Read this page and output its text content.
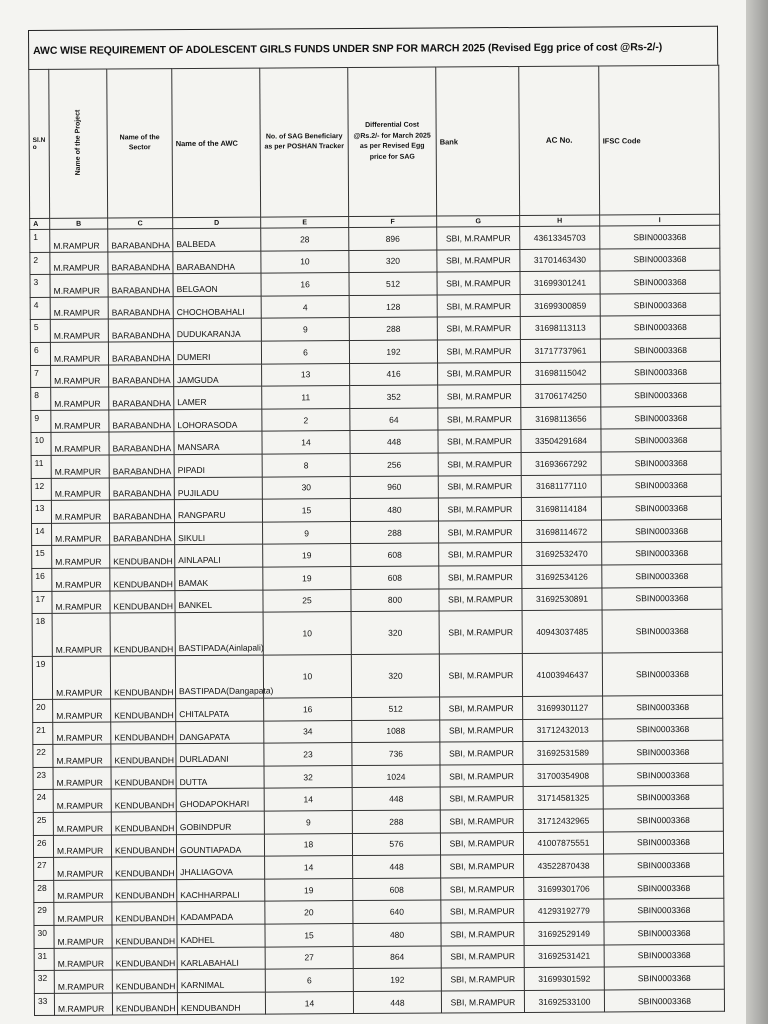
AWC WISE REQUIREMENT OF ADOLESCENT GIRLS FUNDS UNDER SNP FOR MARCH 2025 (Revised Egg price of cost @Rs-2/-)
Sl.N o	Name of the Project	Name of the Sector	Name of the AWC	No. of SAG Beneficiary as per POSHAN Tracker	Differential Cost @Rs.2/- for March 2025 as per Revised Egg price for SAG	Bank	AC No.	IFSC Code
A	B	C	D	E	F	G	H	I
1	M.RAMPUR	BARABANDHA	BALBEDA	28	896	SBI, M.RAMPUR	43613345703	SBIN0003368
2	M.RAMPUR	BARABANDHA	BARABANDHA	10	320	SBI, M.RAMPUR	31701463430	SBIN0003368
3	M.RAMPUR	BARABANDHA	BELGAON	16	512	SBI, M.RAMPUR	31699301241	SBIN0003368
4	M.RAMPUR	BARABANDHA	CHOCHOBAHALI	4	128	SBI, M.RAMPUR	31699300859	SBIN0003368
5	M.RAMPUR	BARABANDHA	DUDUKARANJA	9	288	SBI, M.RAMPUR	31698113113	SBIN0003368
6	M.RAMPUR	BARABANDHA	DUMERI	6	192	SBI, M.RAMPUR	31717737961	SBIN0003368
7	M.RAMPUR	BARABANDHA	JAMGUDA	13	416	SBI, M.RAMPUR	31698115042	SBIN0003368
8	M.RAMPUR	BARABANDHA	LAMER	11	352	SBI, M.RAMPUR	31706174250	SBIN0003368
9	M.RAMPUR	BARABANDHA	LOHORASODA	2	64	SBI, M.RAMPUR	31698113656	SBIN0003368
10	M.RAMPUR	BARABANDHA	MANSARA	14	448	SBI, M.RAMPUR	33504291684	SBIN0003368
11	M.RAMPUR	BARABANDHA	PIPADI	8	256	SBI, M.RAMPUR	31693667292	SBIN0003368
12	M.RAMPUR	BARABANDHA	PUJILADU	30	960	SBI, M.RAMPUR	31681177110	SBIN0003368
13	M.RAMPUR	BARABANDHA	RANGPARU	15	480	SBI, M.RAMPUR	31698114184	SBIN0003368
14	M.RAMPUR	BARABANDHA	SIKULI	9	288	SBI, M.RAMPUR	31698114672	SBIN0003368
15	M.RAMPUR	KENDUBANDH	AINLAPALI	19	608	SBI, M.RAMPUR	31692532470	SBIN0003368
16	M.RAMPUR	KENDUBANDH	BAMAK	19	608	SBI, M.RAMPUR	31692534126	SBIN0003368
17	M.RAMPUR	KENDUBANDH	BANKEL	25	800	SBI, M.RAMPUR	31692530891	SBIN0003368
18	M.RAMPUR	KENDUBANDH	BASTIPADA(Ainlapali)	10	320	SBI, M.RAMPUR	40943037485	SBIN0003368
19	M.RAMPUR	KENDUBANDH	BASTIPADA(Dangapata)	10	320	SBI, M.RAMPUR	41003946437	SBIN0003368
20	M.RAMPUR	KENDUBANDH	CHITALPATA	16	512	SBI, M.RAMPUR	31699301127	SBIN0003368
21	M.RAMPUR	KENDUBANDH	DANGAPATA	34	1088	SBI, M.RAMPUR	31712432013	SBIN0003368
22	M.RAMPUR	KENDUBANDH	DURLADANI	23	736	SBI, M.RAMPUR	31692531589	SBIN0003368
23	M.RAMPUR	KENDUBANDH	DUTTA	32	1024	SBI, M.RAMPUR	31700354908	SBIN0003368
24	M.RAMPUR	KENDUBANDH	GHODAPOKHARI	14	448	SBI, M.RAMPUR	31714581325	SBIN0003368
25	M.RAMPUR	KENDUBANDH	GOBINDPUR	9	288	SBI, M.RAMPUR	31712432965	SBIN0003368
26	M.RAMPUR	KENDUBANDH	GOUNTIAPADA	18	576	SBI, M.RAMPUR	41007875551	SBIN0003368
27	M.RAMPUR	KENDUBANDH	JHALIAGOVA	14	448	SBI, M.RAMPUR	43522870438	SBIN0003368
28	M.RAMPUR	KENDUBANDH	KACHHARPALI	19	608	SBI, M.RAMPUR	31699301706	SBIN0003368
29	M.RAMPUR	KENDUBANDH	KADAMPADA	20	640	SBI, M.RAMPUR	41293192779	SBIN0003368
30	M.RAMPUR	KENDUBANDH	KADHEL	15	480	SBI, M.RAMPUR	31692529149	SBIN0003368
31	M.RAMPUR	KENDUBANDH	KARLABAHALI	27	864	SBI, M.RAMPUR	31692531421	SBIN0003368
32	M.RAMPUR	KENDUBANDH	KARNIMAL	6	192	SBI, M.RAMPUR	31699301592	SBIN0003368
33	M.RAMPUR	KENDUBANDH	KENDUBANDH	14	448	SBI, M.RAMPUR	31692533100	SBIN0003368
